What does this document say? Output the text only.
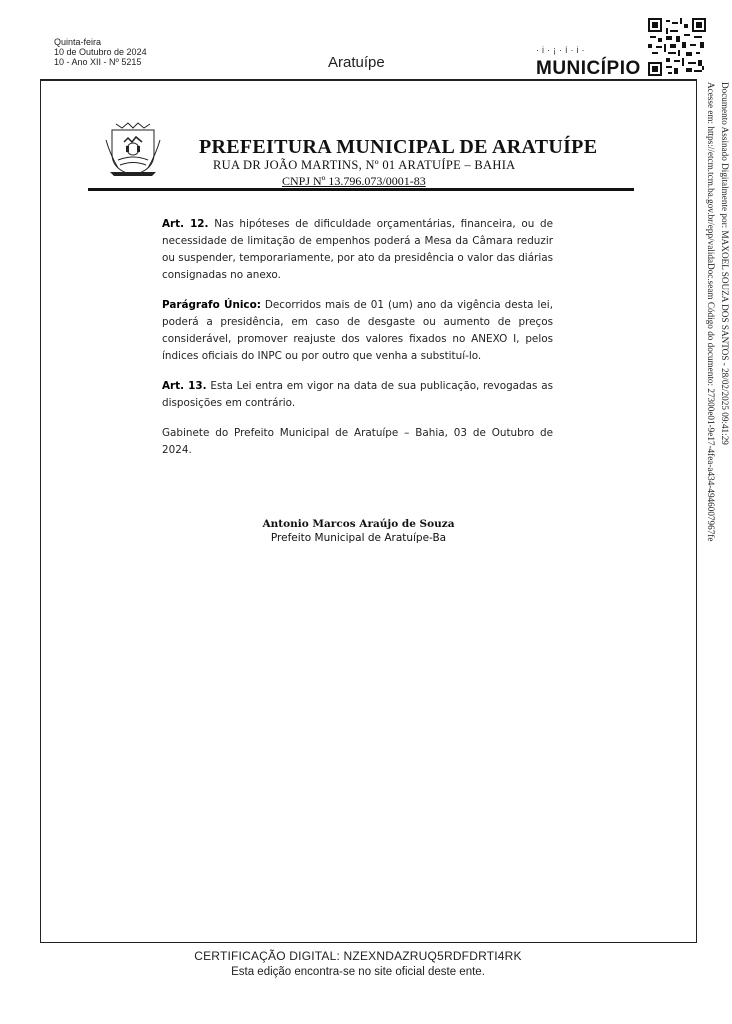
Quinta-feira
10 de Outubro de 2024
10 - Ano XII - Nº 5215	Aratuípe
·i·¡·í·i·
MUNICÍPIO
Documento Assinado Digitalmente por: MAXOEL SOUZA DOS SANTOS - 28/02/2025 09:41:29
Acesse em: https://etcm.tcm.ba.gov.br/epp/validaDoc.seam Código do documento: 27300e01-9e17-4fea-a434-4946007967fe
PREFEITURA MUNICIPAL DE ARATUÍPE
RUA DR JOÃO MARTINS, Nº 01 ARATUÍPE – BAHIA
CNPJ Nº 13.796.073/0001-83

Art. 12. Nas hipóteses de dificuldade orçamentárias, financeira, ou de necessidade de limitação de empenhos poderá a Mesa da Câmara reduzir ou suspender, temporariamente, por ato da presidência o valor das diárias consignadas no anexo.

Parágrafo Único: Decorridos mais de 01 (um) ano da vigência desta lei, poderá a presidência, em caso de desgaste ou aumento de preços considerável, promover reajuste dos valores fixados no ANEXO I, pelos índices oficiais do INPC ou por outro que venha a substituí-lo.

Art. 13. Esta Lei entra em vigor na data de sua publicação, revogadas as disposições em contrário.

Gabinete do Prefeito Municipal de Aratuípe – Bahia, 03 de Outubro de 2024.

Antonio Marcos Araújo de Souza
Prefeito Municipal de Aratuípe-Ba
CERTIFICAÇÃO DIGITAL: NZEXNDAZRUQ5RDFDRTI4RK
Esta edição encontra-se no site oficial deste ente.
